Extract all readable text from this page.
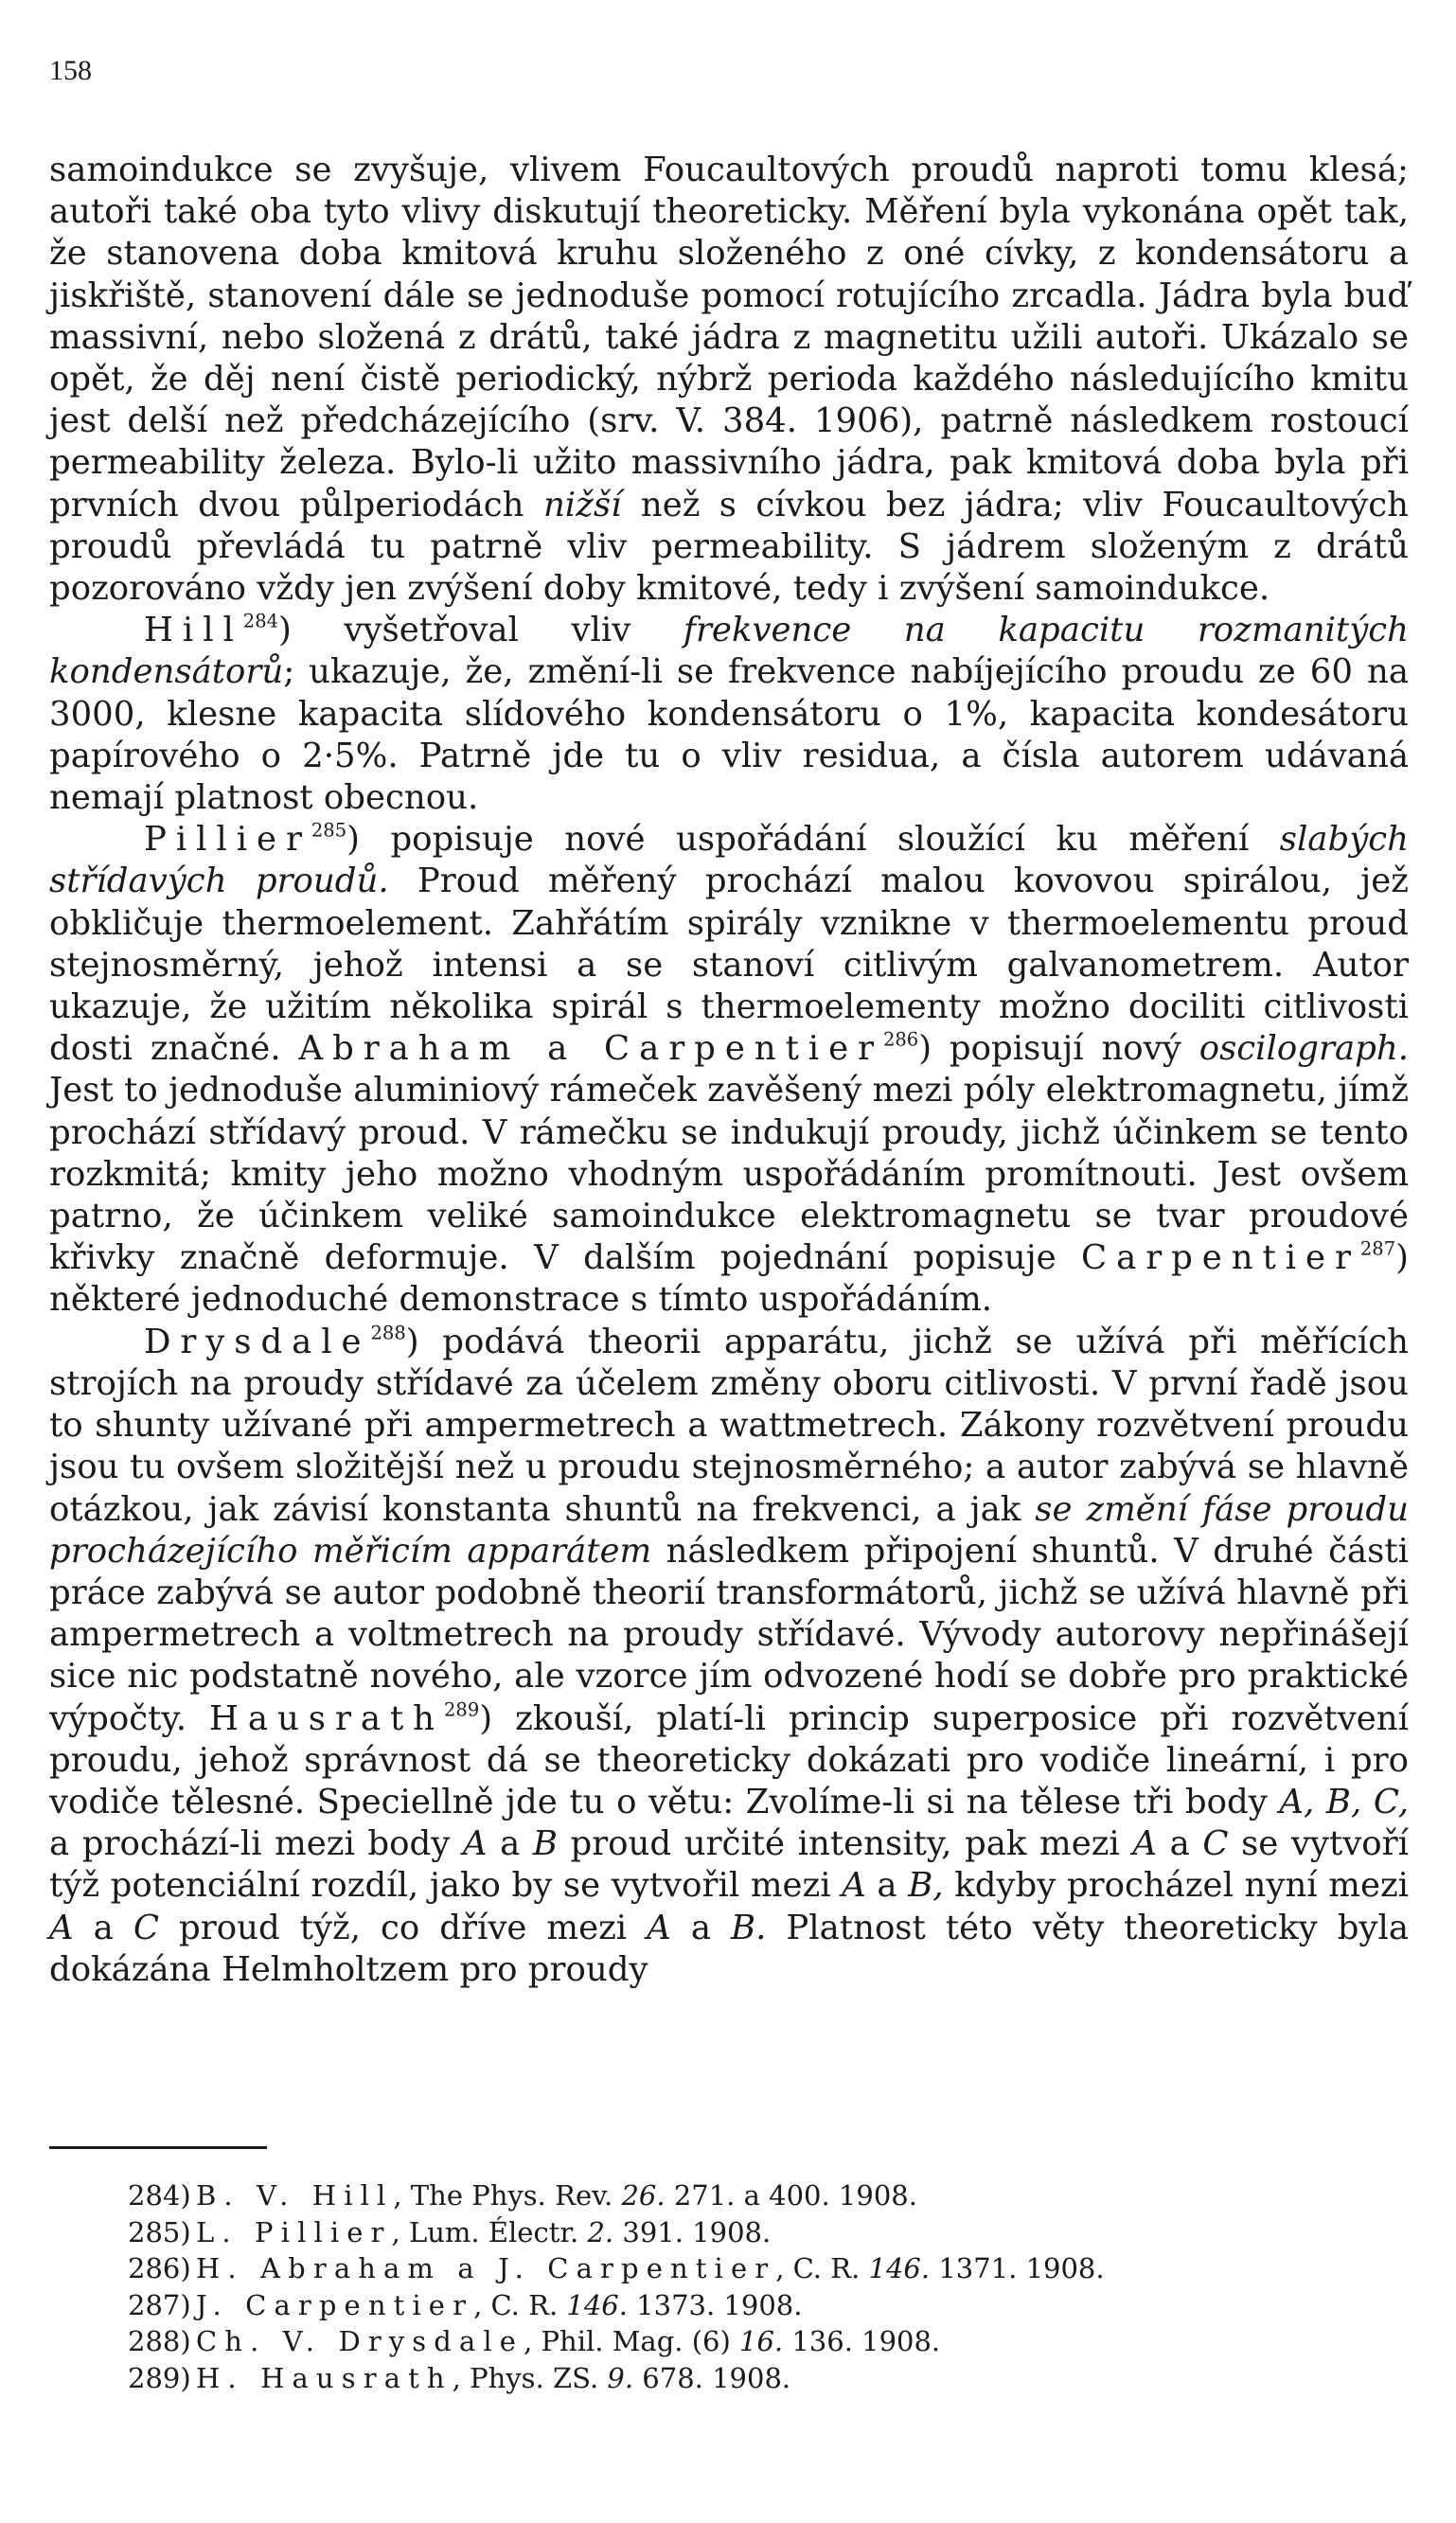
158

samoindukce se zvyšuje, vlivem Foucaultových proudů naproti tomu klesá; autoři také oba tyto vlivy diskutují theoreticky. Měření byla vykonána opět tak, že stanovena doba kmitová kruhu složeného z oné cívky, z kondensátoru a jiskřiště, stanovení dále se jednoduše pomocí rotujícího zrcadla. Jádra byla buď massivní, nebo složená z drátů, také jádra z magnetitu užili autoři. Ukázalo se opět, že děj není čistě periodický, nýbrž perioda každého následujícího kmitu jest delší než předcházejícího (srv. V. 384. 1906), patrně následkem rostoucí permeability železa. Bylo-li užito massivního jádra, pak kmitová doba byla při prvních dvou půlperiodách nižší než s cívkou bez jádra; vliv Foucaultových proudů převládá tu patrně vliv permeability. S jádrem složeným z drátů pozorováno vždy jen zvýšení doby kmitové, tedy i zvýšení samoindukce.

Hill$^{284}$) vyšetřoval vliv frekvence na kapacitu rozmanitých kondensátorů; ukazuje, že, změní-li se frekvence nabíjejícího proudu ze 60 na 3000, klesne kapacita slídového kondensátoru o 1%, kapacita kondesátoru papírového o 2·5%. Patrně jde tu o vliv residua, a čísla autorem udávaná nemají platnost obecnou.

Pillier$^{285}$) popisuje nové uspořádání sloužící ku měření slabých střídavých proudů. Proud měřený prochází malou kovovou spirálou, jež obkličuje thermoelement. Zahřátím spirály vznikne v thermoelementu proud stejnosměrný, jehož intensi a se stanoví citlivým galvanometrem. Autor ukazuje, že užitím několika spirál s thermoelementy možno dociliti citlivosti dosti značné. Abraham a Carpentier$^{286}$) popisují nový oscilograph. Jest to jednoduše aluminiový rámeček zavěšený mezi póly elektromagnetu, jímž prochází střídavý proud. V rámečku se indukují proudy, jichž účinkem se tento rozkmitá; kmity jeho možno vhodným uspořádáním promítnouti. Jest ovšem patrno, že účinkem veliké samoindukce elektromagnetu se tvar proudové křivky značně deformuje. V dalším pojednání popisuje Carpentier$^{287}$) některé jednoduché demonstrace s tímto uspořádáním.

Drysdale$^{288}$) podává theorii apparátu, jichž se užívá při měřících strojích na proudy střídavé za účelem změny oboru citlivosti. V první řadě jsou to shunty užívané při ampermetrech a wattmetrech. Zákony rozvětvení proudu jsou tu ovšem složitější než u proudu stejnosměrného; a autor zabývá se hlavně otázkou, jak závisí konstanta shuntů na frekvenci, a jak se změní fáse proudu procházejícího měřicím apparátem následkem připojení shuntů. V druhé části práce zabývá se autor podobně theorií transformátorů, jichž se užívá hlavně při ampermetrech a voltmetrech na proudy střídavé. Vývody autorovy nepřinášejí sice nic podstatně nového, ale vzorce jím odvozené hodí se dobře pro praktické výpočty. Hausrath$^{289}$) zkouší, platí-li princip superposice při rozvětvení proudu, jehož správnost dá se theoreticky dokázati pro vodiče lineární, i pro vodiče tělesné. Speciellně jde tu o větu: Zvolíme-li si na tělese tři body A, B, C, a prochází-li mezi body A a B proud určité intensity, pak mezi A a C se vytvoří týž potenciální rozdíl, jako by se vytvořil mezi A a B, kdyby procházel nyní mezi A a C proud týž, co dříve mezi A a B. Platnost této věty theoreticky byla dokázána Helmholtzem pro proudy

284) B. V. Hill, The Phys. Rev. 26. 271. a 400. 1908.
285) L. Pillier, Lum. Électr. 2. 391. 1908.
286) H. Abraham a J. Carpentier, C. R. 146. 1371. 1908.
287) J. Carpentier, C. R. 146. 1373. 1908.
288) Ch. V. Drysdale, Phil. Mag. (6) 16. 136. 1908.
289) H. Hausrath, Phys. ZS. 9. 678. 1908.
